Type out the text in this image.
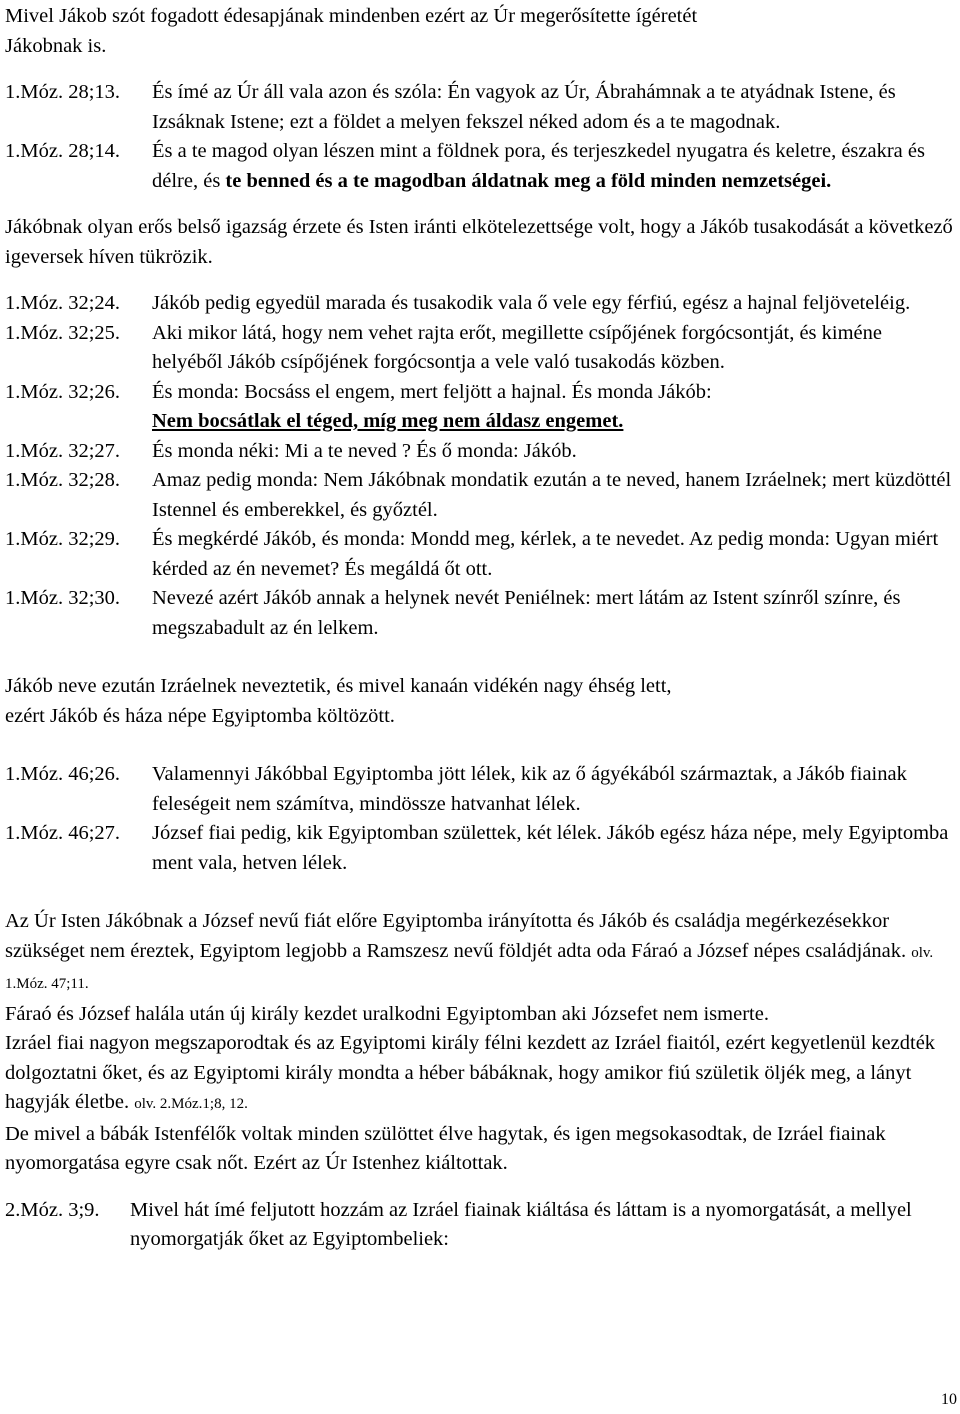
Mivel Jákob szót fogadott édesapjának mindenben ezért az Úr megerősítette ígéretét
Jákobnak is.

1.Móz. 28;13.	És ímé az Úr áll vala azon és szóla: Én vagyok az Úr, Ábrahámnak a te atyádnak Istene, és Izsáknak Istene; ezt a földet a melyen fekszel néked adom és a te magodnak.
1.Móz. 28;14.	És a te magod olyan lészen mint a földnek pora, és terjeszkedel nyugatra és keletre, északra és délre, és te benned és a te magodban áldatnak meg a föld minden nemzetségei.

Jákóbnak olyan erős belső igazság érzete és Isten iránti elkötelezettsége volt, hogy a Jákób tusakodását a következő igeversek híven tükrözik.

1.Móz. 32;24.	Jákób pedig egyedül marada és tusakodik vala ő vele egy férfiú, egész a hajnal feljöveteléig.
1.Móz. 32;25.	Aki mikor látá, hogy nem vehet rajta erőt, megillette csípőjének forgócsontját, és kiméne helyéből Jákób csípőjének forgócsontja a vele való tusakodás közben.
1.Móz. 32;26.	És monda: Bocsáss el engem, mert feljött a hajnal. És monda Jákób:
Nem bocsátlak el téged, míg meg nem áldasz engemet.
1.Móz. 32;27.	És monda néki: Mi a te neved ? És ő monda: Jákób.
1.Móz. 32;28.	Amaz pedig monda: Nem Jákóbnak mondatik ezután a te neved, hanem Izráelnek; mert küzdöttél Istennel és emberekkel, és győztél.
1.Móz. 32;29.	És megkérdé Jákób, és monda: Mondd meg, kérlek, a te nevedet. Az pedig monda: Ugyan miért kérded az én nevemet? És megáldá őt ott.
1.Móz. 32;30.	Nevezé azért Jákób annak a helynek nevét Peniélnek: mert látám az Istent színről színre, és megszabadult az én lelkem.

Jákób neve ezután Izráelnek neveztetik, és mivel kanaán vidékén nagy éhség lett,
ezért Jákób és háza népe Egyiptomba költözött.

1.Móz. 46;26.	Valamennyi Jákóbbal Egyiptomba jött lélek, kik az ő ágyékából származtak, a Jákób fiainak feleségeit nem számítva, mindössze hatvanhat lélek.
1.Móz. 46;27.	József fiai pedig, kik Egyiptomban születtek, két lélek. Jákób egész háza népe, mely Egyiptomba ment vala, hetven lélek.

Az Úr Isten Jákóbnak a József nevű fiát előre Egyiptomba irányította és Jákób és családja megérkezésekkor szükséget nem éreztek, Egyiptom legjobb a Ramszesz nevű földjét adta oda Fáraó a József népes családjának. olv. 1.Móz. 47;11.

Fáraó és József halála után új király kezdet uralkodni Egyiptomban aki Józsefet nem ismerte.

Izráel fiai nagyon megszaporodtak és az Egyiptomi király félni kezdett az Izráel fiaitól, ezért kegyetlenül kezdték dolgoztatni őket, és az Egyiptomi király mondta a héber bábáknak, hogy amikor fiú születik öljék meg, a lányt hagyják életbe. olv. 2.Móz.1;8, 12.

De mivel a bábák Istenfélők voltak minden szülöttet élve hagytak, és igen megsokasodtak, de Izráel fiainak nyomorgatása egyre csak nőt. Ezért az Úr Istenhez kiáltottak.

2.Móz. 3;9.	Mivel hát ímé feljutott hozzám az Izráel fiainak kiáltása és láttam is a nyomorgatását, a mellyel nyomorgatják őket az Egyiptombeliek:
10
